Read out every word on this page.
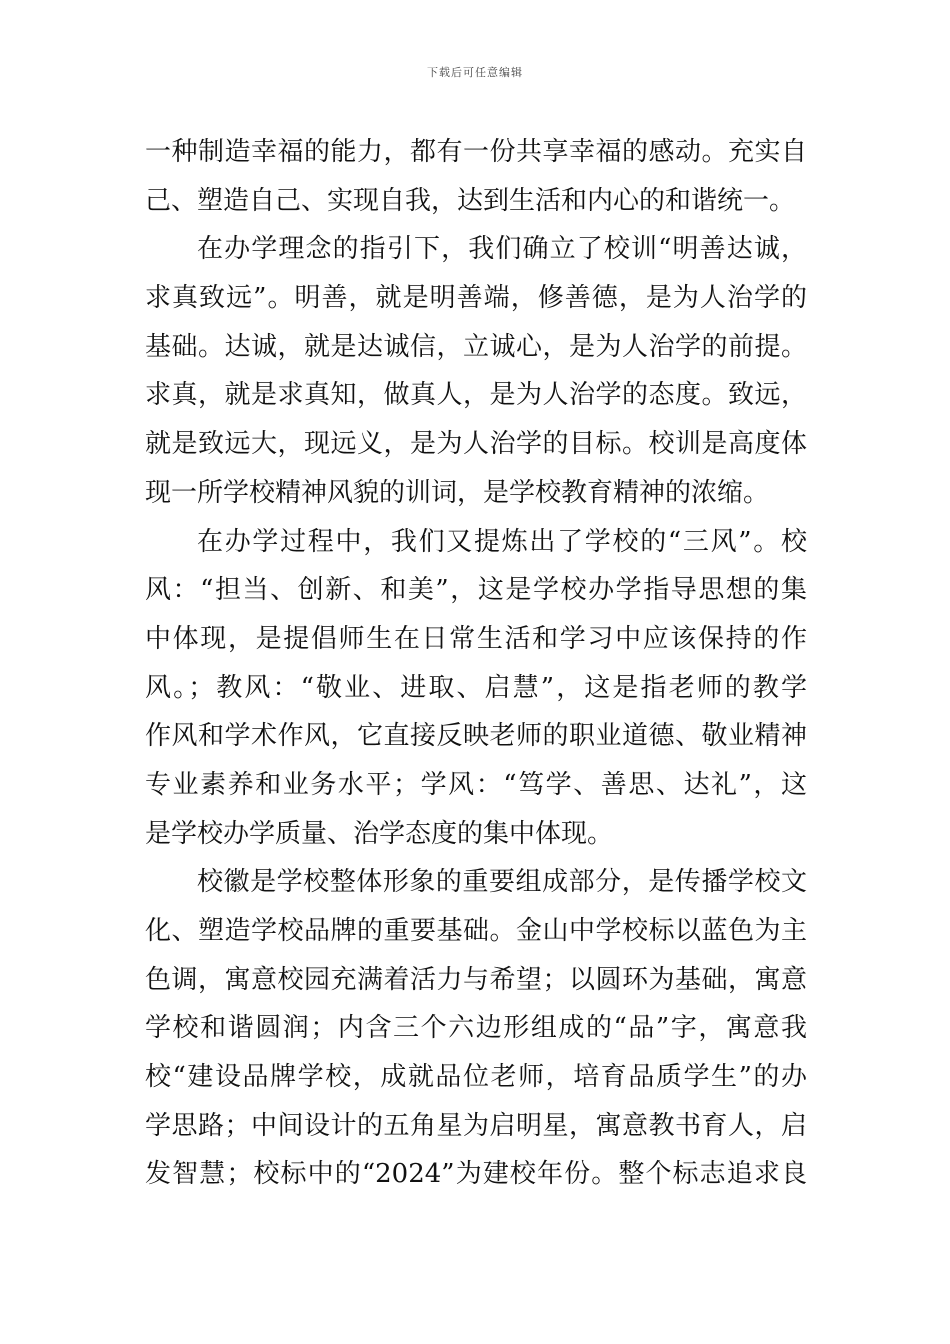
下载后可任意编辑
一种制造幸福的能力，都有一份共享幸福的感动。充实自
己、塑造自己、实现自我，达到生活和内心的和谐统一。
在办学理念的指引下，我们确立了校训“明善达诚，
求真致远”。明善，就是明善端，修善德，是为人治学的
基础。达诚，就是达诚信，立诚心，是为人治学的前提。
求真，就是求真知，做真人，是为人治学的态度。致远，
就是致远大，现远义，是为人治学的目标。校训是高度体
现一所学校精神风貌的训词，是学校教育精神的浓缩。
在办学过程中，我们又提炼出了学校的“三风”。校
风：“担当、创新、和美”，这是学校办学指导思想的集
中体现，是提倡师生在日常生活和学习中应该保持的作
风。；教风：“敬业、进取、启慧”，这是指老师的教学
作风和学术作风，它直接反映老师的职业道德、敬业精神
专业素养和业务水平；学风：“笃学、善思、达礼”，这
是学校办学质量、治学态度的集中体现。
校徽是学校整体形象的重要组成部分，是传播学校文
化、塑造学校品牌的重要基础。金山中学校标以蓝色为主
色调，寓意校园充满着活力与希望；以圆环为基础，寓意
学校和谐圆润；内含三个六边形组成的“品”字，寓意我
校“建设品牌学校，成就品位老师，培育品质学生”的办
学思路；中间设计的五角星为启明星，寓意教书育人，启
发智慧；校标中的“2024”为建校年份。整个标志追求良
